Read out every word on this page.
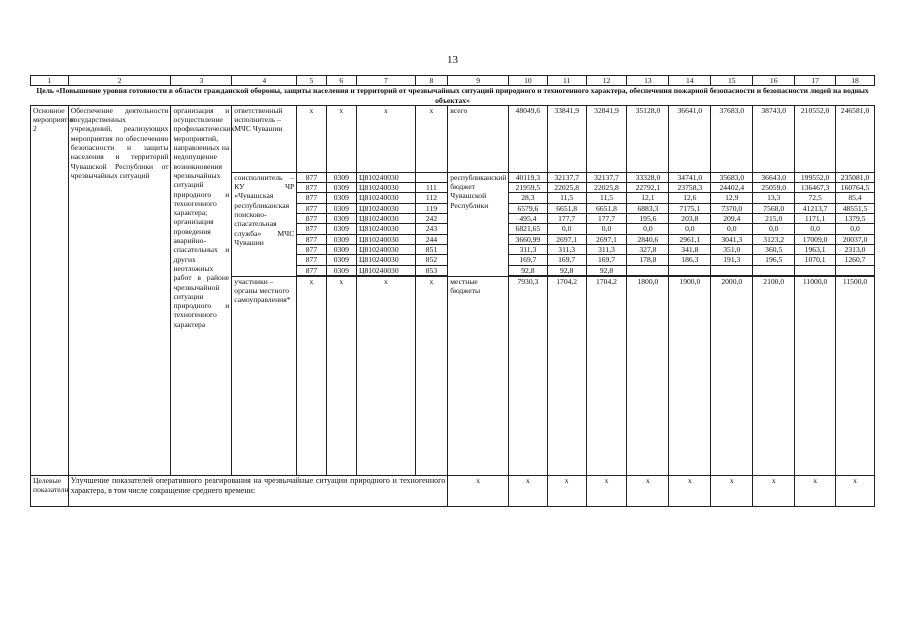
13
1	2	3	4	5	6	7	8	9	10	11	12	13	14	15	16	17	18
Цель «Повышение уровня готовности в области гражданской обороны, защиты населения и территорий от чрезвычайных ситуаций природного и техногенного характера, обеспечения пожарной безопасности и безопасности людей на водных объектах»																	
Основное мероприятие 2	Обеспечение деятельности государственных учреждений, реализующих мероприятия по обеспечению безопасности и защиты населения и территорий Чувашской Республики от чрезвычайных ситуаций	организация и осуществление профилактических мероприятий, направленных на недопущение возникновения чрезвычайных ситуаций природного и техногенного характера; организация проведения аварийно-спасательных и других неотложных работ в районе чрезвычайной ситуации природного и техногенного характера	ответственный исполнитель – МЧС Чувашии	х	х	х	х	всего	48049,6	33841,9	32841,9	35128,0	36641,0	37683,0	38743,0	210552,0	246581,0
			соисполнитель – КУ ЧР «Чувашская республиканская поисково-спасательная служба» МЧС Чувашии	877	0309	Ц810240030		республиканский бюджет Чувашской Республики	40119,3	32137,7	32137,7	33328,0	34741,0	35683,0	36643,0	199552,0	235081,0
				877	0309	Ц810240030	111		21959,5	22025,8	22025,8	22792,1	23758,3	24402,4	25059,0	136467,3	160764,5
				877	0309	Ц810240030	112		28,3	11,5	11,5	12,1	12,6	12,9	13,3	72,5	85,4
				877	0309	Ц810240030	119		6579,6	6651,8	6651,8	6883,3	7175,1	7370,0	7568,0	41213,7	48551,5
				877	0309	Ц810240030	242		495,4	177,7	177,7	195,6	203,8	209,4	215,0	1171,1	1379,5
				877	0309	Ц810240030	243		6821,65	0,0	0,0	0,0	0,0	0,0	0,0	0,0	0,0
				877	0309	Ц810240030	244		3660,99	2697,1	2697,1	2840,6	2961,1	3041,3	3123,2	17009,0	20037,0
				877	0309	Ц810240030	851		311,3	311,3	311,3	327,8	341,8	351,0	360,5	1963,1	2313,0
				877	0309	Ц810240030	852		169,7	169,7	169,7	178,8	186,3	191,3	196,5	1070,1	1260,7
				877	0309	Ц810240030	853		92,8	92,8	92,8						

			участники – органы местного самоуправления*	х	х	х	х	местные бюджеты	7930,3	1704,2	1704,2	1800,0	1900,0	2000,0	2100,0	11000,0	11500,0
Целевые показатели	Улучшение показателей оперативного реагирования на чрезвычайные ситуации природного и техногенного характера, в том числе сокращение среднего времени:							х	х	х	х	х	х	х	х	х	х
